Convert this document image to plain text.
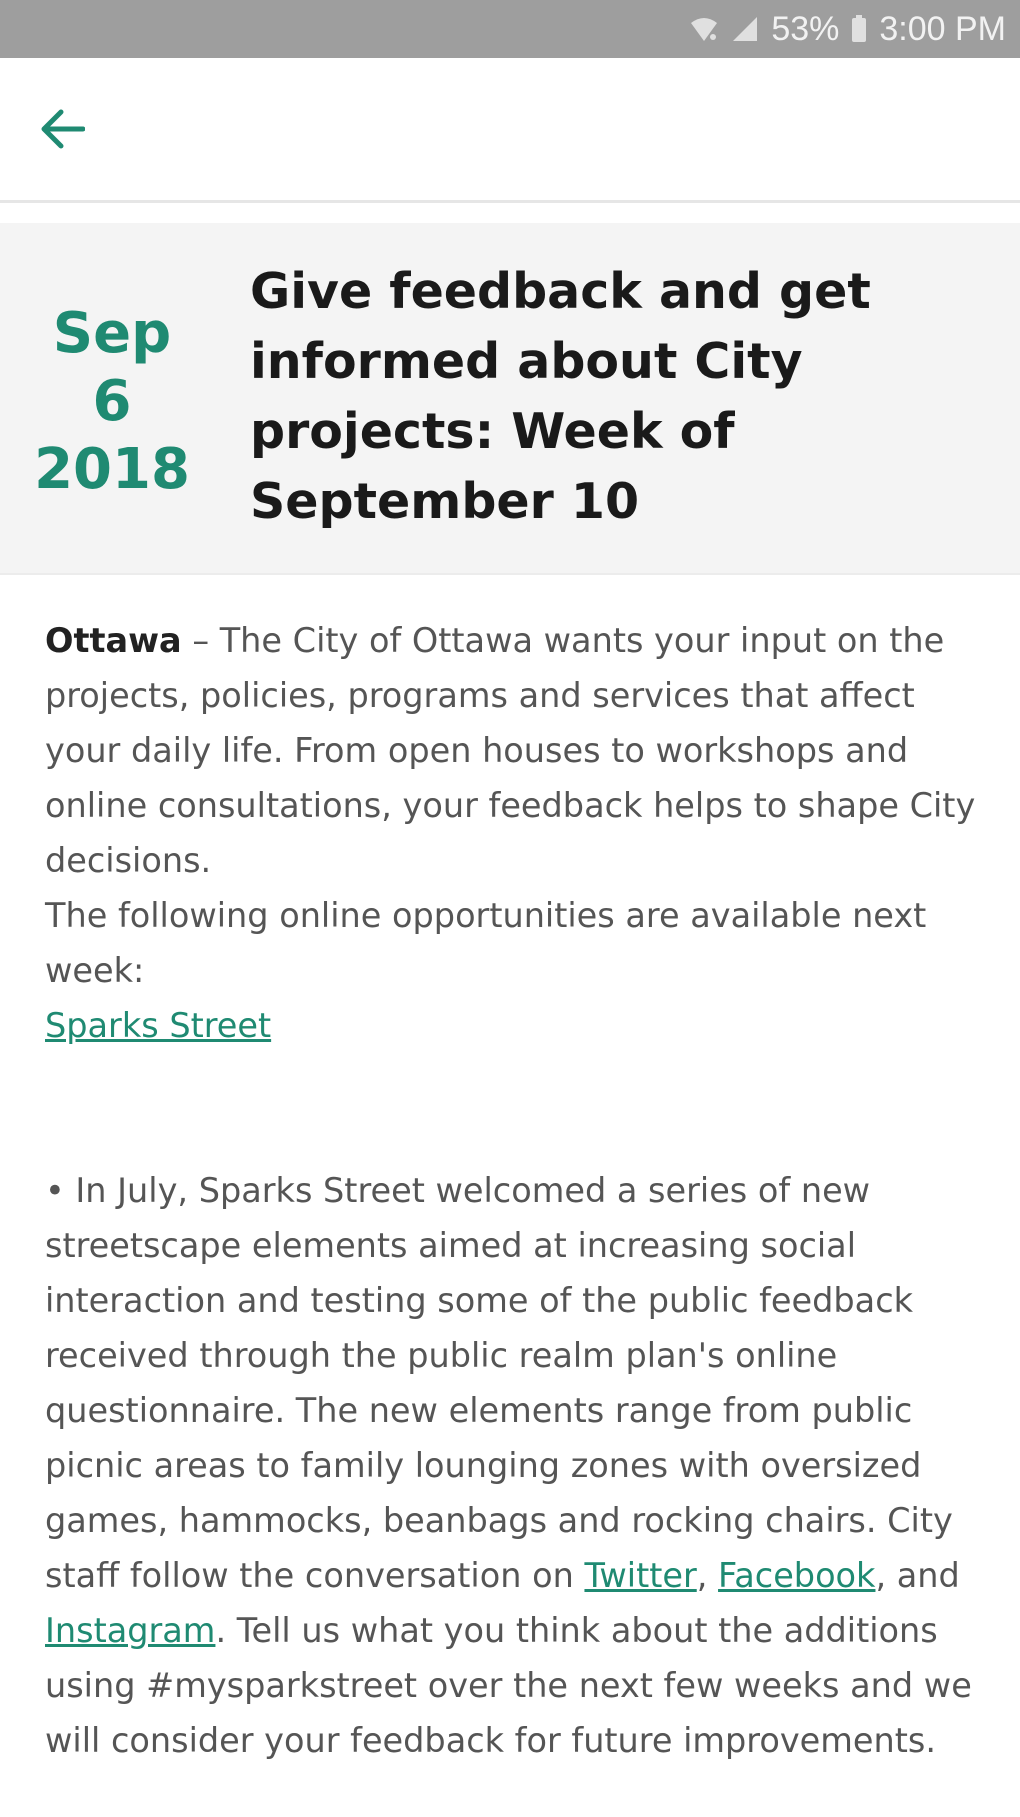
53% 3:00 PM
Sep
6
2018
Give feedback and get informed about City projects: Week of September 10

Ottawa – The City of Ottawa wants your input on the projects, policies, programs and services that affect your daily life. From open houses to workshops and online consultations, your feedback helps to shape City decisions.

The following online opportunities are available next week:

Sparks Street

• In July, Sparks Street welcomed a series of new streetscape elements aimed at increasing social interaction and testing some of the public feedback received through the public realm plan's online questionnaire. The new elements range from public picnic areas to family lounging zones with oversized games, hammocks, beanbags and rocking chairs. City staff follow the conversation on Twitter, Facebook, and Instagram. Tell us what you think about the additions using #mysparkstreet over the next few weeks and we will consider your feedback for future improvements.
